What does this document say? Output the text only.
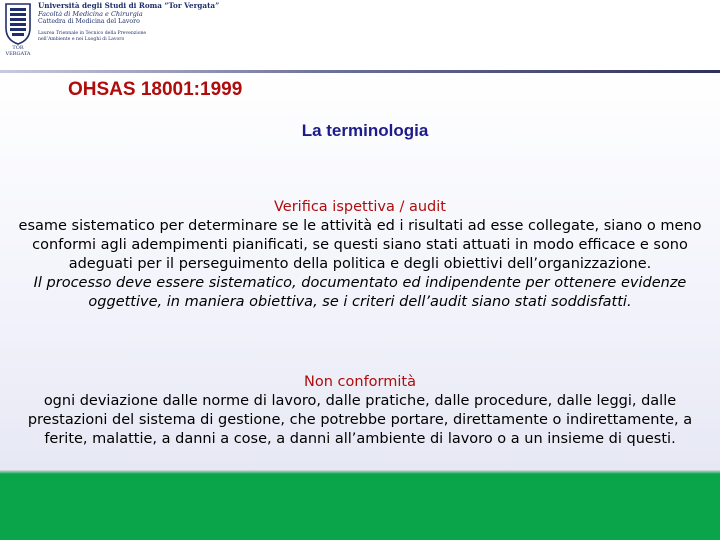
TOR VERGATA
Università degli Studi di Roma “Tor Vergata”
Facoltà di Medicina e Chirurgia
Cattedra di Medicina del Lavoro
Laurea Triennale in Tecnico della Prevenzione
nell’Ambiente e nei Luoghi di Lavoro
OHSAS 18001:1999
La terminologia
Verifica ispettiva / audit
esame sistematico per determinare se le attività ed i risultati ad esse collegate, siano o meno conformi agli adempimenti pianificati, se questi siano stati attuati in modo efficace e sono adeguati per il perseguimento della politica e degli obiettivi dell’organizzazione.
Il processo deve essere sistematico, documentato ed indipendente per ottenere evidenze oggettive, in maniera obiettiva, se i criteri dell’audit siano stati soddisfatti.
Non conformità
ogni deviazione dalle norme di lavoro, dalle pratiche, dalle procedure, dalle leggi, dalle prestazioni del sistema di gestione, che potrebbe portare, direttamente o indirettamente, a ferite, malattie, a danni a cose, a danni all’ambiente di lavoro o a un insieme di questi.
